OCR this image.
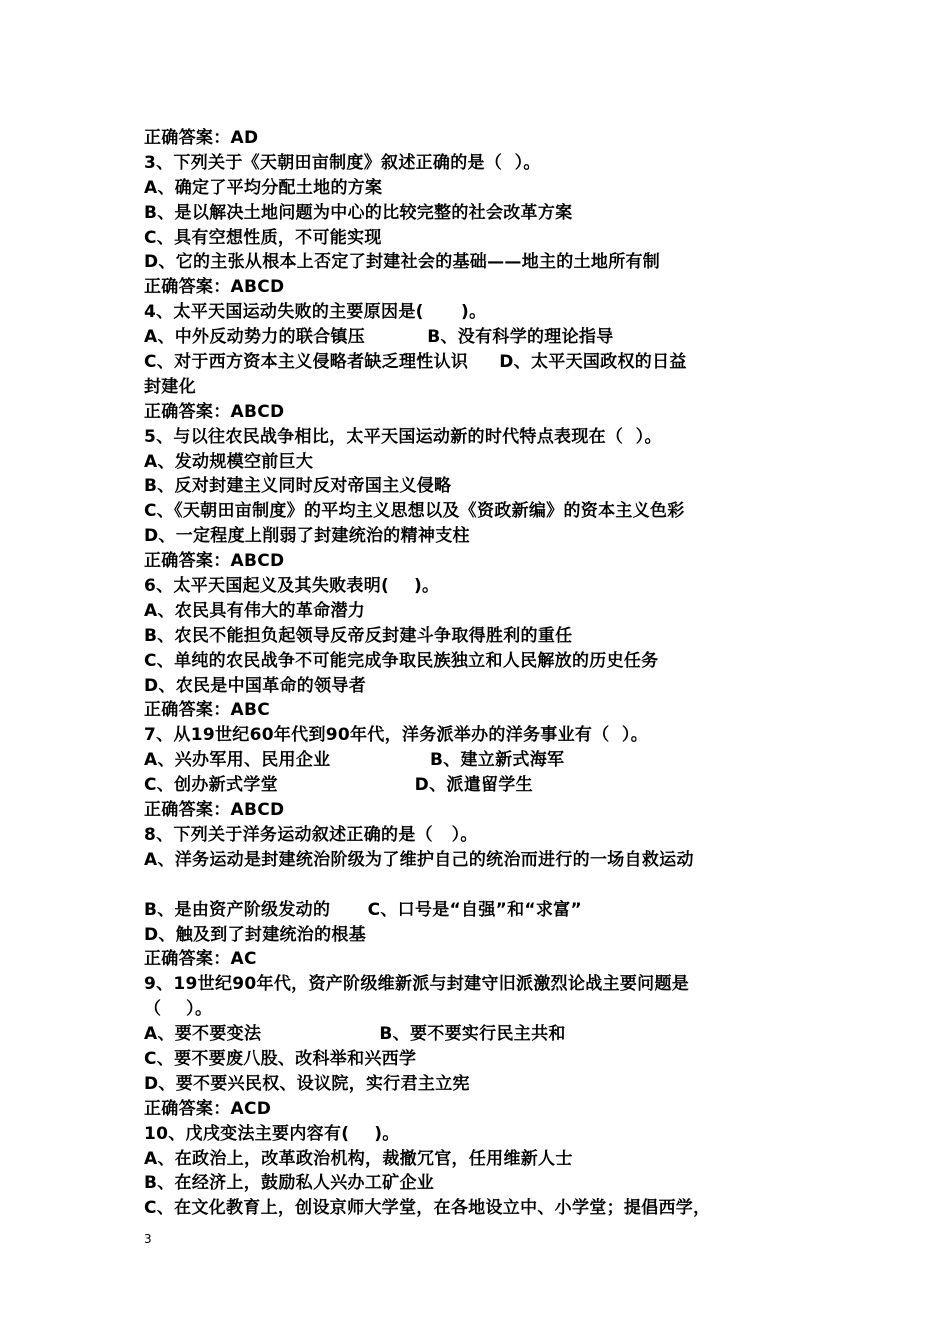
正确答案：AD
3、下列关于《天朝田亩制度》叙述正确的是（  ）。
A、确定了平均分配土地的方案
B、是以解决土地问题为中心的比较完整的社会改革方案
C、具有空想性质，不可能实现
D、它的主张从根本上否定了封建社会的基础——地主的土地所有制
正确答案：ABCD
4、太平天国运动失败的主要原因是(      )。
A、中外反动势力的联合镇压          B、没有科学的理论指导
C、对于西方资本主义侵略者缺乏理性认识     D、太平天国政权的日益
封建化
正确答案：ABCD
5、与以往农民战争相比，太平天国运动新的时代特点表现在（  ）。
A、发动规模空前巨大
B、反对封建主义同时反对帝国主义侵略
C、《天朝田亩制度》的平均主义思想以及《资政新编》的资本主义色彩
D、一定程度上削弱了封建统治的精神支柱
正确答案：ABCD
6、太平天国起义及其失败表明(    )。
A、农民具有伟大的革命潜力
B、农民不能担负起领导反帝反封建斗争取得胜利的重任
C、单纯的农民战争不可能完成争取民族独立和人民解放的历史任务
D、农民是中国革命的领导者
正确答案：ABC
7、从19世纪60年代到90年代，洋务派举办的洋务事业有（  ）。
A、兴办军用、民用企业                B、建立新式海军
C、创办新式学堂                      D、派遣留学生
正确答案：ABCD
8、下列关于洋务运动叙述正确的是（   ）。
A、洋务运动是封建统治阶级为了维护自己的统治而进行的一场自救运动
B、是由资产阶级发动的      C、口号是“自强”和“求富”
D、触及到了封建统治的根基
正确答案：AC
9、19世纪90年代，资产阶级维新派与封建守旧派激烈论战主要问题是
（    ）。
A、要不要变法                   B、要不要实行民主共和
C、要不要废八股、改科举和兴西学
D、要不要兴民权、设议院，实行君主立宪
正确答案：ACD
10、戊戌变法主要内容有(    )。
A、在政治上，改革政治机构，裁撤冗官，任用维新人士
B、在经济上，鼓励私人兴办工矿企业
C、在文化教育上，创设京师大学堂，在各地设立中、小学堂；提倡西学，
3
